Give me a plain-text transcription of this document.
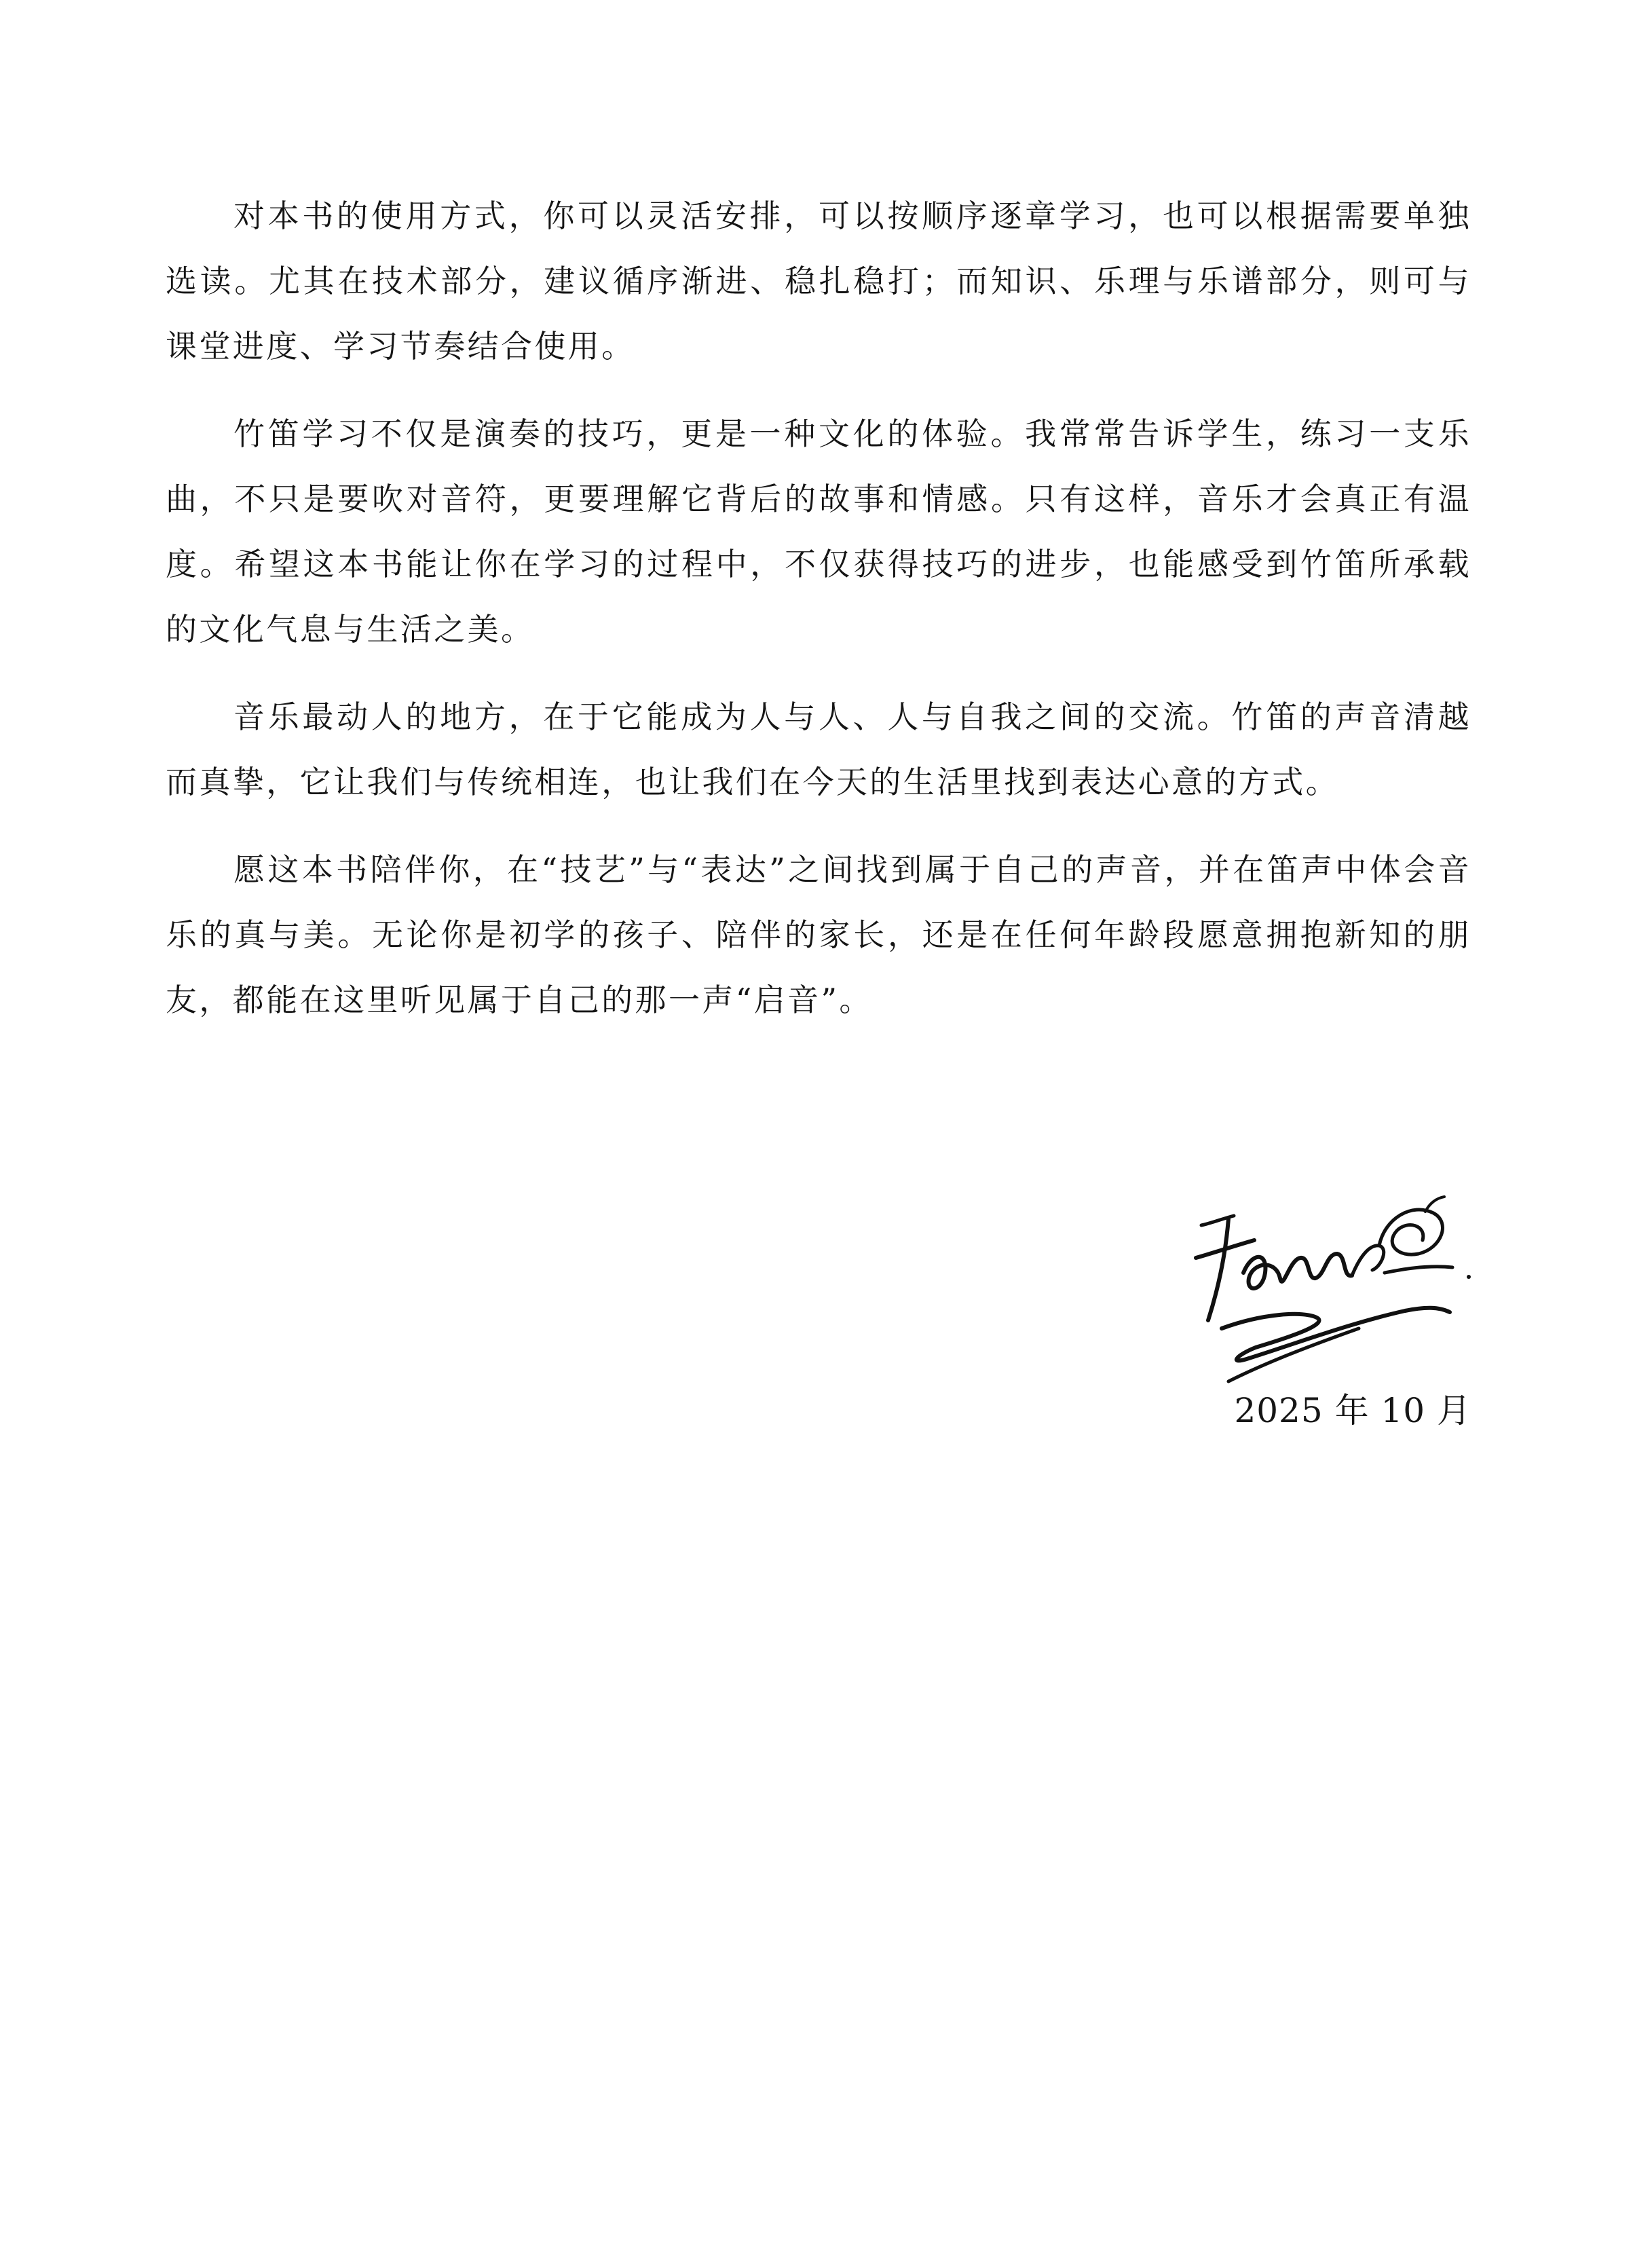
对本书的使用方式，你可以灵活安排，可以按顺序逐章学习，也可以根据需要单独选读。尤其在技术部分，建议循序渐进、稳扎稳打；而知识、乐理与乐谱部分，则可与课堂进度、学习节奏结合使用。

竹笛学习不仅是演奏的技巧，更是一种文化的体验。我常常告诉学生，练习一支乐曲，不只是要吹对音符，更要理解它背后的故事和情感。只有这样，音乐才会真正有温度。希望这本书能让你在学习的过程中，不仅获得技巧的进步，也能感受到竹笛所承载的文化气息与生活之美。

音乐最动人的地方，在于它能成为人与人、人与自我之间的交流。竹笛的声音清越而真挚，它让我们与传统相连，也让我们在今天的生活里找到表达心意的方式。

愿这本书陪伴你，在“技艺”与“表达”之间找到属于自己的声音，并在笛声中体会音乐的真与美。无论你是初学的孩子、陪伴的家长，还是在任何年龄段愿意拥抱新知的朋友，都能在这里听见属于自己的那一声“启音”。

2025 年 10 月
